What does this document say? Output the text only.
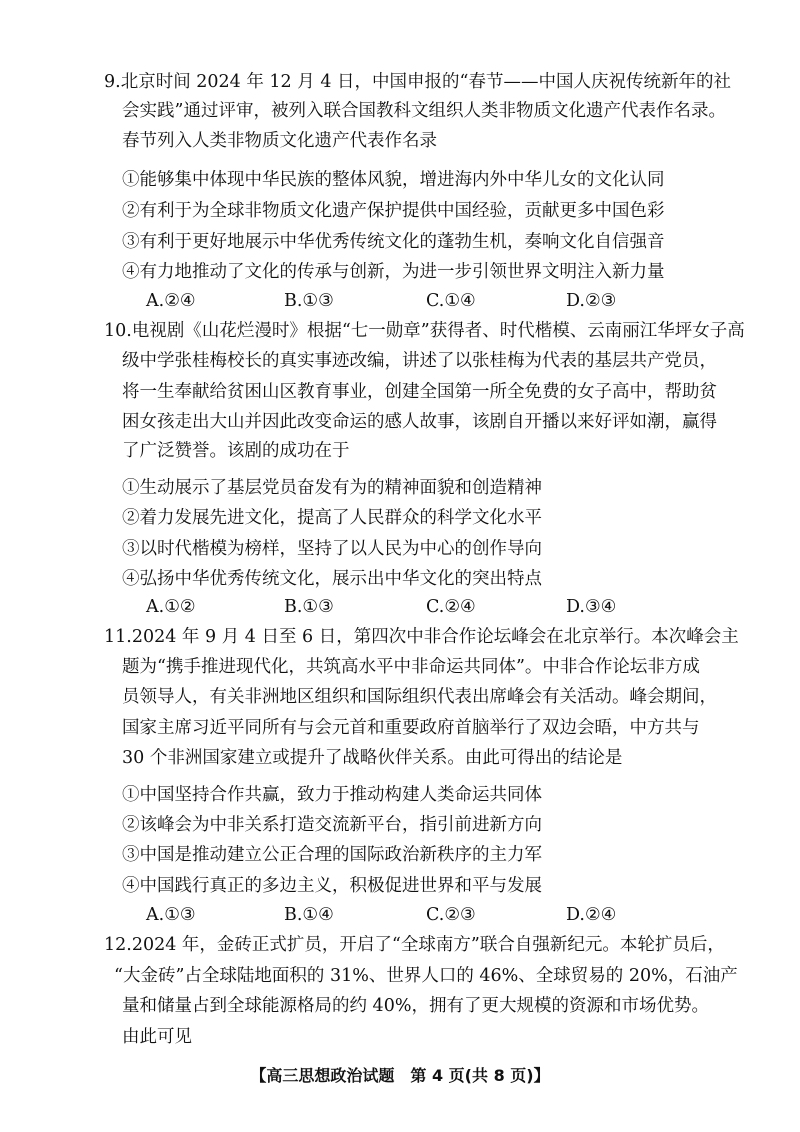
9.北京时间 2024 年 12 月 4 日，中国申报的“春节——中国人庆祝传统新年的社
会实践”通过评审，被列入联合国教科文组织人类非物质文化遗产代表作名录。
春节列入人类非物质文化遗产代表作名录
①能够集中体现中华民族的整体风貌，增进海内外中华儿女的文化认同
②有利于为全球非物质文化遗产保护提供中国经验，贡献更多中国色彩
③有利于更好地展示中华优秀传统文化的蓬勃生机，奏响文化自信强音
④有力地推动了文化的传承与创新，为进一步引领世界文明注入新力量
A.②④	B.①③	C.①④	D.②③
10.电视剧《山花烂漫时》根据“七一勋章”获得者、时代楷模、云南丽江华坪女子高
级中学张桂梅校长的真实事迹改编，讲述了以张桂梅为代表的基层共产党员，
将一生奉献给贫困山区教育事业，创建全国第一所全免费的女子高中，帮助贫
困女孩走出大山并因此改变命运的感人故事，该剧自开播以来好评如潮，赢得
了广泛赞誉。该剧的成功在于
①生动展示了基层党员奋发有为的精神面貌和创造精神
②着力发展先进文化，提高了人民群众的科学文化水平
③以时代楷模为榜样，坚持了以人民为中心的创作导向
④弘扬中华优秀传统文化，展示出中华文化的突出特点
A.①②	B.①③	C.②④	D.③④
11.2024 年 9 月 4 日至 6 日，第四次中非合作论坛峰会在北京举行。本次峰会主
题为“携手推进现代化，共筑高水平中非命运共同体”。中非合作论坛非方成
员领导人，有关非洲地区组织和国际组织代表出席峰会有关活动。峰会期间，
国家主席习近平同所有与会元首和重要政府首脑举行了双边会晤，中方共与
30 个非洲国家建立或提升了战略伙伴关系。由此可得出的结论是
①中国坚持合作共赢，致力于推动构建人类命运共同体
②该峰会为中非关系打造交流新平台，指引前进新方向
③中国是推动建立公正合理的国际政治新秩序的主力军
④中国践行真正的多边主义，积极促进世界和平与发展
A.①③	B.①④	C.②③	D.②④
12.2024 年，金砖正式扩员，开启了“全球南方”联合自强新纪元。本轮扩员后，
“大金砖”占全球陆地面积的 31%、世界人口的 46%、全球贸易的 20%，石油产
量和储量占到全球能源格局的约 40%，拥有了更大规模的资源和市场优势。
由此可见
【高三思想政治试题　第 4 页(共 8 页)】
